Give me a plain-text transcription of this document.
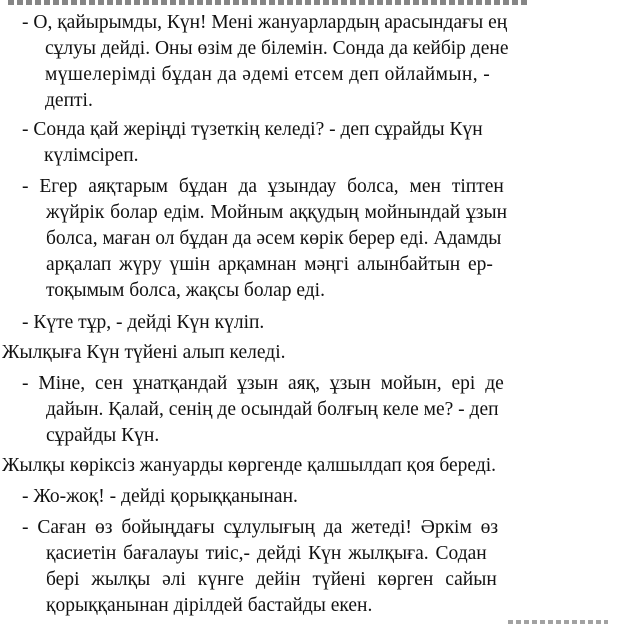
- О, қайырымды, Күн! Мені жануарлардың арасындағы ең
сұлуы дейді. Оны өзім де білемін. Сонда да кейбір дене
мүшелерімді бұдан да әдемі етсем деп ойлаймын, -
депті.
- Сонда қай жеріңді түзеткің келеді? - деп сұрайды Күн
күлімсіреп.
- Егер аяқтарым бұдан да ұзындау болса, мен тіптен
жүйрік болар едім. Мойным аққудың мойнындай ұзын
болса, маған ол бұдан да әсем көрік берер еді. Адамды
арқалап жүру үшін арқамнан мәңгі алынбайтын ер-
тоқымым болса, жақсы болар еді.
- Күте тұр, - дейді Күн күліп.
Жылқыға Күн түйені алып келеді.
- Міне, сен ұнатқандай ұзын аяқ, ұзын мойын, ері де
дайын. Қалай, сенің де осындай болғың келе ме? - деп
сұрайды Күн.
Жылқы көріксіз жануарды көргенде қалшылдап қоя береді.
- Жо-жоқ! - дейді қорыққанынан.
- Саған өз бойыңдағы сұлулығың да жетеді! Әркім өз
қасиетін бағалауы тиіс,- дейді Күн жылқыға. Содан
бері жылқы әлі күнге дейін түйені көрген сайын
қорыққанынан дірілдей бастайды екен.
